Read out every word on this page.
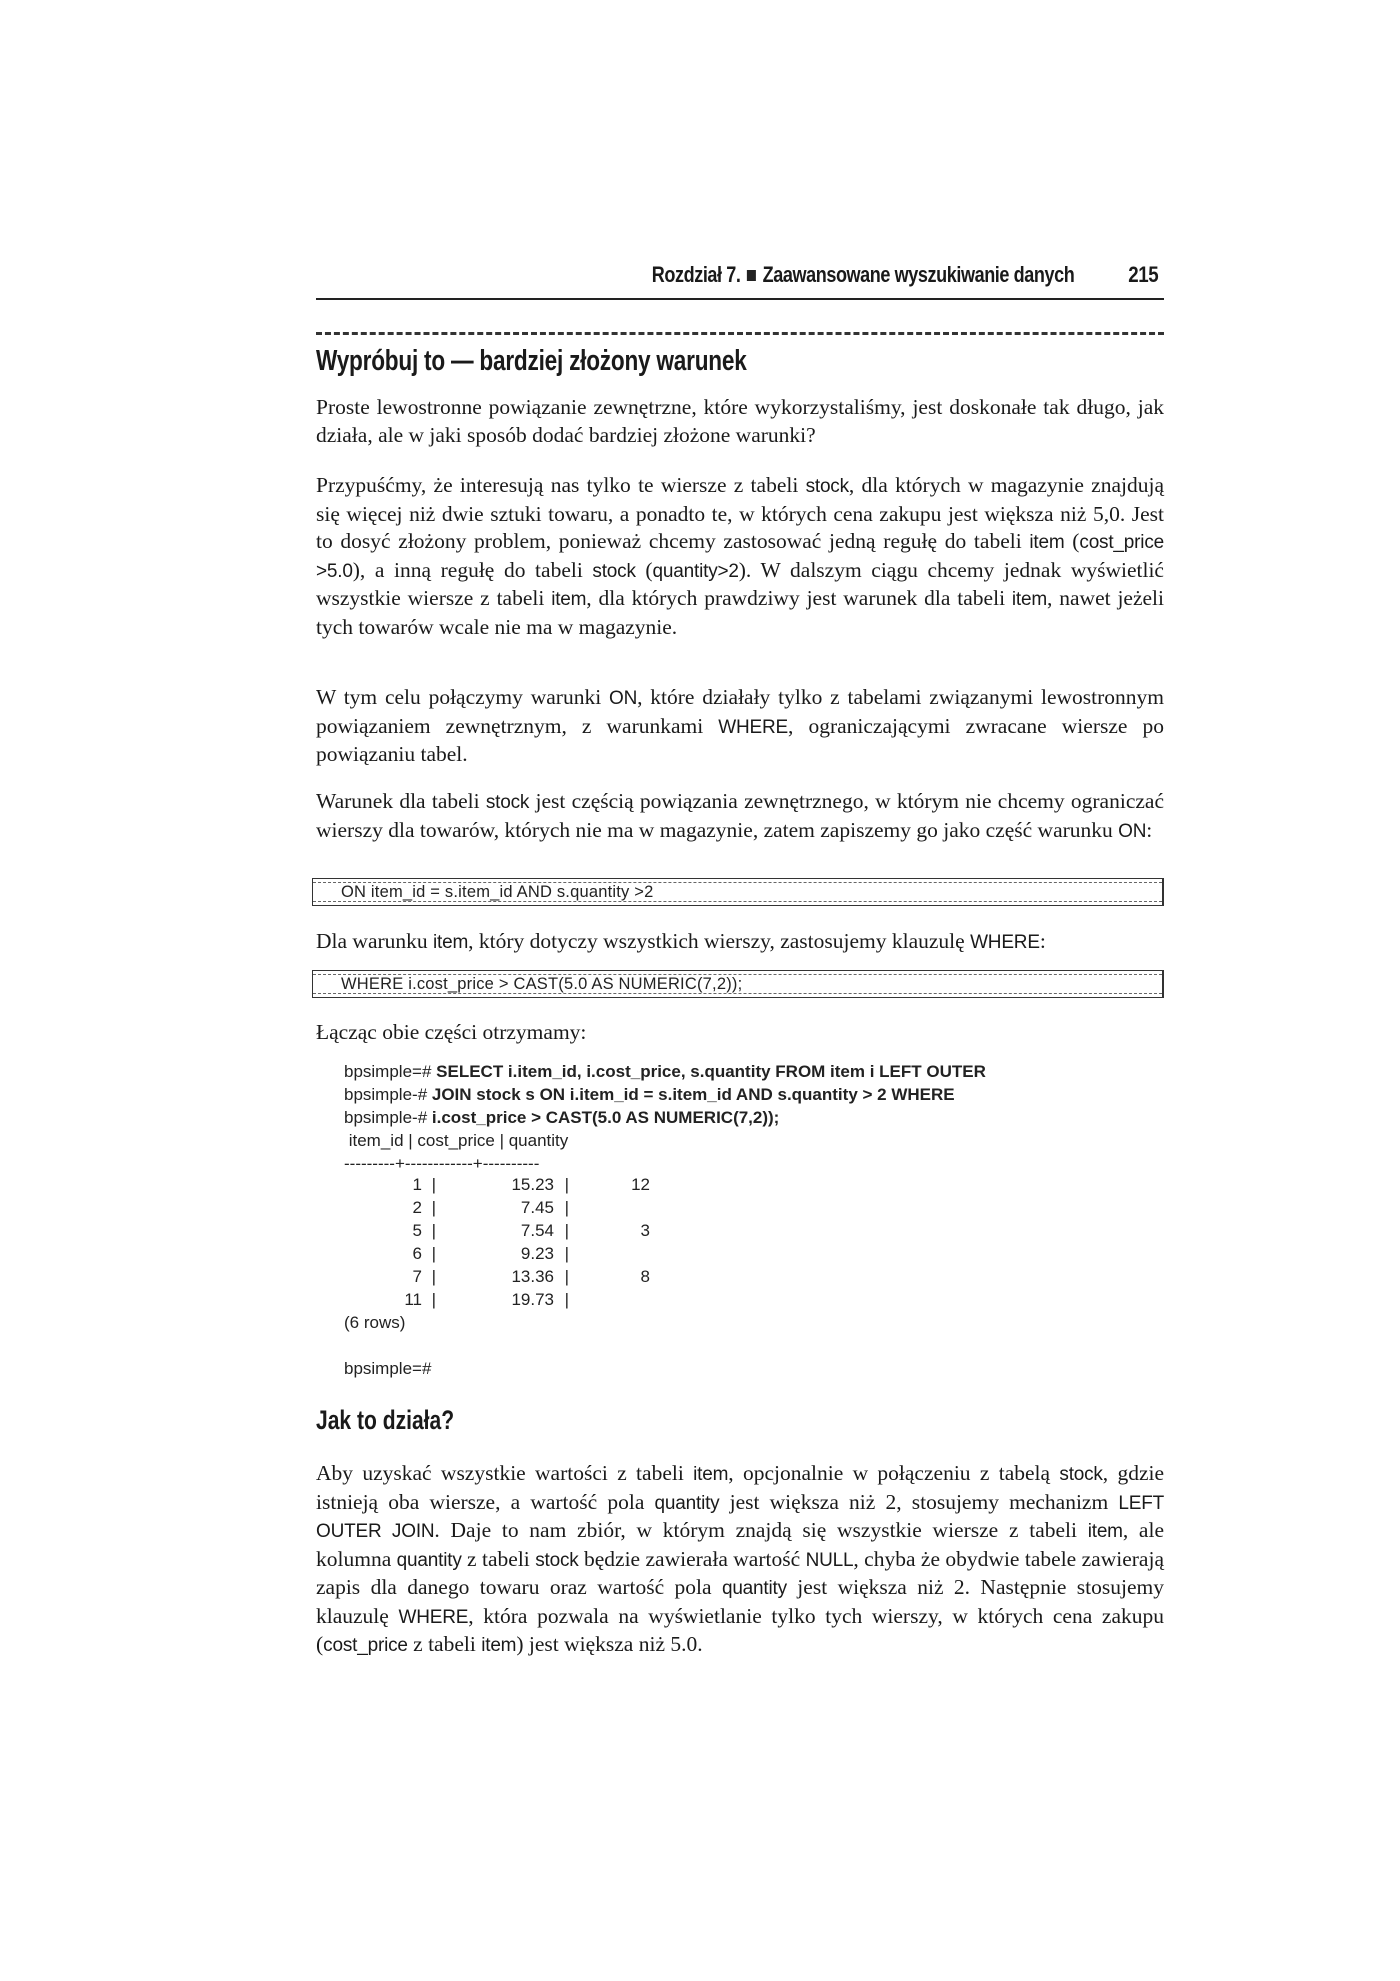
Rozdział 7. Zaawansowane wyszukiwanie danych 215
Wypróbuj to — bardziej złożony warunek

Proste lewostronne powiązanie zewnętrzne, które wykorzystaliśmy, jest doskonałe tak długo, jak działa, ale w jaki sposób dodać bardziej złożone warunki?

Przypuśćmy, że interesują nas tylko te wiersze z tabeli stock, dla których w magazynie znajdują się więcej niż dwie sztuki towaru, a ponadto te, w których cena zakupu jest większa niż 5,0. Jest to dosyć złożony problem, ponieważ chcemy zastosować jedną regułę do tabeli item (cost_price >5.0), a inną regułę do tabeli stock (quantity>2). W dalszym ciągu chcemy jednak wyświetlić wszystkie wiersze z tabeli item, dla których prawdziwy jest warunek dla tabeli item, nawet jeżeli tych towarów wcale nie ma w magazynie.

W tym celu połączymy warunki ON, które działały tylko z tabelami związanymi lewostronnym powiązaniem zewnętrznym, z warunkami WHERE, ograniczającymi zwracane wiersze po powiązaniu tabel.

Warunek dla tabeli stock jest częścią powiązania zewnętrznego, w którym nie chcemy ograniczać wierszy dla towarów, których nie ma w magazynie, zatem zapiszemy go jako część warunku ON:

ON item_id = s.item_id AND s.quantity >2

Dla warunku item, który dotyczy wszystkich wierszy, zastosujemy klauzulę WHERE:

WHERE i.cost_price > CAST(5.0 AS NUMERIC(7,2));

Łącząc obie części otrzymamy:

bpsimple=# SELECT i.item_id, i.cost_price, s.quantity FROM item i LEFT OUTER
bpsimple-# JOIN stock s ON i.item_id = s.item_id AND s.quantity > 2 WHERE
bpsimple-# i.cost_price > CAST(5.0 AS NUMERIC(7,2));
item_id | cost_price | quantity
---------+------------+----------
1 |	15.23 |	12
2 |	7.45 |
5 |	7.54 |	3
6 |	9.23 |
7 |	13.36 |	8
11 |	19.73 |
(6 rows)
bpsimple=#
Jak to działa?

Aby uzyskać wszystkie wartości z tabeli item, opcjonalnie w połączeniu z tabelą stock, gdzie istnieją oba wiersze, a wartość pola quantity jest większa niż 2, stosujemy mechanizm LEFT OUTER JOIN. Daje to nam zbiór, w którym znajdą się wszystkie wiersze z tabeli item, ale kolumna quantity z tabeli stock będzie zawierała wartość NULL, chyba że obydwie tabele zawierają zapis dla danego towaru oraz wartość pola quantity jest większa niż 2. Następnie stosujemy klauzulę WHERE, która pozwala na wyświetlanie tylko tych wierszy, w których cena zakupu (cost_price z tabeli item) jest większa niż 5.0.
